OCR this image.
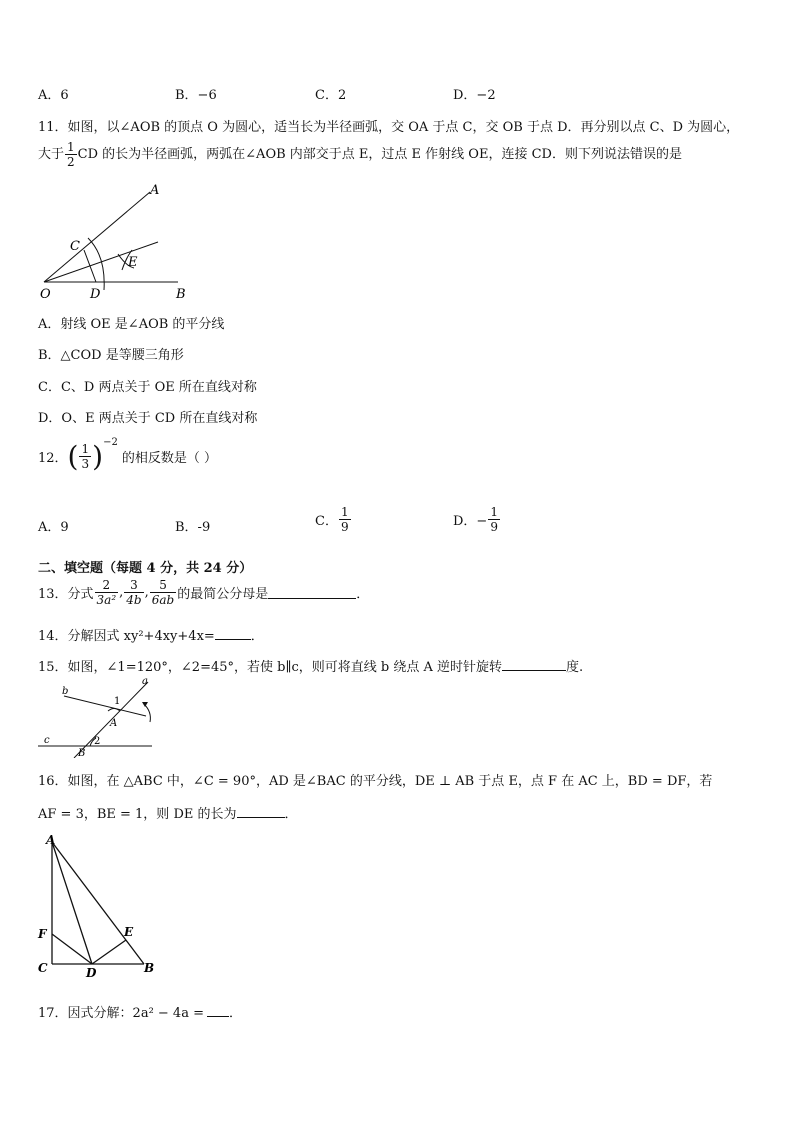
A．6	B．−6	C．2	D．−2
11．如图，以∠AOB 的顶点 O 为圆心，适当长为半径画弧，交 OA 于点 C，交 OB 于点 D．再分别以点 C、D 为圆心，
大于 $\frac{1}{2}$ CD 的长为半径画弧，两弧在∠AOB 内部交于点 E，过点 E 作射线 OE，连接 CD．则下列说法错误的是
O	D	B
C
E
A
A．射线 OE 是∠AOB 的平分线
B．△COD 是等腰三角形
C．C、D 两点关于 OE 所在直线对称
D．O、E 两点关于 CD 所在直线对称
12．( $\frac{1}{3} )^{-2}$的相反数是（ ）
A．9	B．-9	C． $\frac{1}{9}$	D．− $\frac{1}{9}$
二、填空题（每题 4 分，共 24 分）
13．分式 $\frac{2}{\text{3a²}}$ , $\frac{3}{4b}$ , $\frac{5}{6ab}$ 的最简公分母是	．
14．分解因式 xy²+4xy+4x=	．
15．如图，∠1=120°，∠2=45°，若使 b∥c，则可将直线 b 绕点 A 逆时针旋转	度.
b
a
c
1
A
2
B
16．如图，在 △ABC 中，∠C = 90°，AD 是∠BAC 的平分线，DE ⊥ AB 于点 E，点 F 在 AC 上，BD = DF，若
AF = 3，BE = 1，则 DE 的长为	．
A
F
C	D	B
E
17．因式分解：2a² − 4a = ．
